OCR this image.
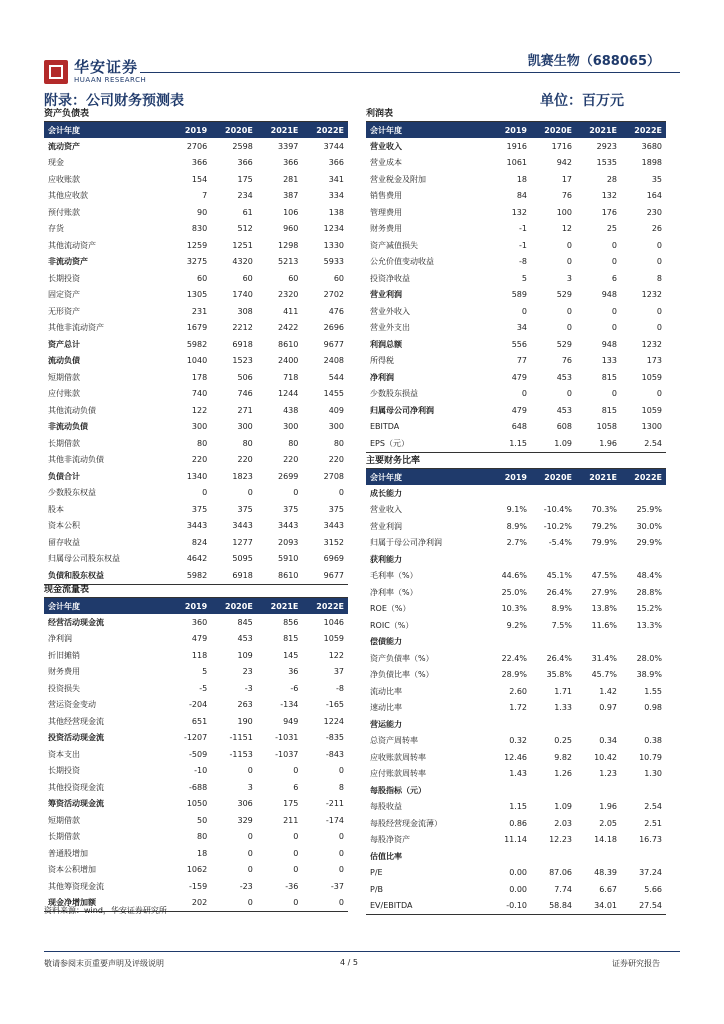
华安证券
HUAAN RESEARCH
凯赛生物（688065）
附录：公司财务预测表	单位：百万元
资产负债表
会计年度	2019	2020E	2021E	2022E
流动资产	2706	2598	3397	3744
现金	366	366	366	366
应收账款	154	175	281	341
其他应收款	7	234	387	334
预付账款	90	61	106	138
存货	830	512	960	1234
其他流动资产	1259	1251	1298	1330
非流动资产	3275	4320	5213	5933
长期投资	60	60	60	60
固定资产	1305	1740	2320	2702
无形资产	231	308	411	476
其他非流动资产	1679	2212	2422	2696
资产总计	5982	6918	8610	9677
流动负债	1040	1523	2400	2408
短期借款	178	506	718	544
应付账款	740	746	1244	1455
其他流动负债	122	271	438	409
非流动负债	300	300	300	300
长期借款	80	80	80	80
其他非流动负债	220	220	220	220
负债合计	1340	1823	2699	2708
少数股东权益	0	0	0	0
股本	375	375	375	375
资本公积	3443	3443	3443	3443
留存收益	824	1277	2093	3152
归属母公司股东权益	4642	5095	5910	6969
负债和股东权益	5982	6918	8610	9677
利润表
会计年度	2019	2020E	2021E	2022E
营业收入	1916	1716	2923	3680
营业成本	1061	942	1535	1898
营业税金及附加	18	17	28	35
销售费用	84	76	132	164
管理费用	132	100	176	230
财务费用	-1	12	25	26
资产减值损失	-1	0	0	0
公允价值变动收益	-8	0	0	0
投资净收益	5	3	6	8
营业利润	589	529	948	1232
营业外收入	0	0	0	0
营业外支出	34	0	0	0
利润总额	556	529	948	1232
所得税	77	76	133	173
净利润	479	453	815	1059
少数股东损益	0	0	0	0
归属母公司净利润	479	453	815	1059
EBITDA	648	608	1058	1300
EPS（元）	1.15	1.09	1.96	2.54
主要财务比率
会计年度	2019	2020E	2021E	2022E
成长能力				
营业收入	9.1%	-10.4%	70.3%	25.9%
营业利润	8.9%	-10.2%	79.2%	30.0%
归属于母公司净利润	2.7%	-5.4%	79.9%	29.9%
获利能力				
毛利率（%）	44.6%	45.1%	47.5%	48.4%
净利率（%）	25.0%	26.4%	27.9%	28.8%
ROE（%）	10.3%	8.9%	13.8%	15.2%
ROIC（%）	9.2%	7.5%	11.6%	13.3%
偿债能力				
资产负债率（%）	22.4%	26.4%	31.4%	28.0%
净负债比率（%）	28.9%	35.8%	45.7%	38.9%
流动比率	2.60	1.71	1.42	1.55
速动比率	1.72	1.33	0.97	0.98
营运能力				
总资产周转率	0.32	0.25	0.34	0.38
应收账款周转率	12.46	9.82	10.42	10.79
应付账款周转率	1.43	1.26	1.23	1.30
每股指标（元）				
每股收益	1.15	1.09	1.96	2.54
每股经营现金流薄）	0.86	2.03	2.05	2.51
每股净资产	11.14	12.23	14.18	16.73
估值比率				
P/E	0.00	87.06	48.39	37.24
P/B	0.00	7.74	6.67	5.66
EV/EBITDA	-0.10	58.84	34.01	27.54
现金流量表
会计年度	2019	2020E	2021E	2022E
经营活动现金流	360	845	856	1046
净利润	479	453	815	1059
折旧摊销	118	109	145	122
财务费用	5	23	36	37
投资损失	-5	-3	-6	-8
营运资金变动	-204	263	-134	-165
其他经营现金流	651	190	949	1224
投资活动现金流	-1207	-1151	-1031	-835
资本支出	-509	-1153	-1037	-843
长期投资	-10	0	0	0
其他投资现金流	-688	3	6	8
筹资活动现金流	1050	306	175	-211
短期借款	50	329	211	-174
长期借款	80	0	0	0
普通股增加	18	0	0	0
资本公积增加	1062	0	0	0
其他筹资现金流	-159	-23	-36	-37
现金净增加额	202	0	0	0
资料来源：wind，华安证券研究所
敬请参阅末页重要声明及评级说明	4 / 5	证券研究报告
